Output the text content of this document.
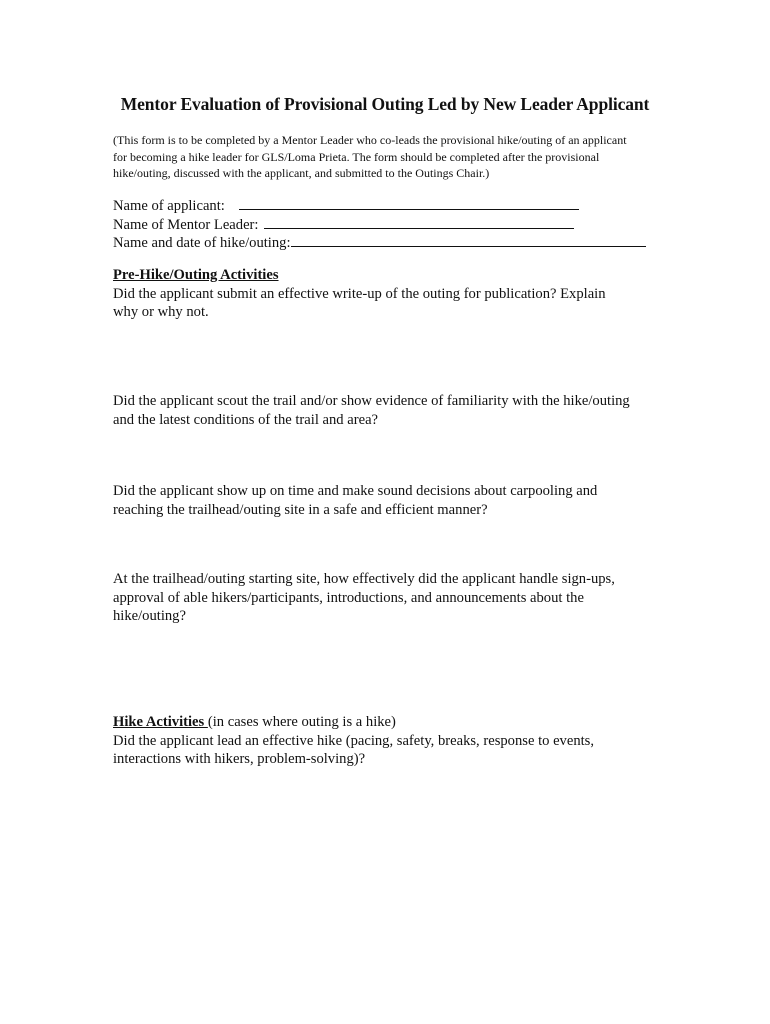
Mentor Evaluation of Provisional Outing Led by New Leader Applicant
(This form is to be completed by a Mentor Leader who co-leads the provisional hike/outing of an applicant
for becoming a hike leader for GLS/Loma Prieta. The form should be completed after the provisional
hike/outing, discussed with the applicant, and submitted to the Outings Chair.)
Name of applicant:
Name of Mentor Leader:
Name and date of hike/outing:
Pre-Hike/Outing Activities
Did the applicant submit an effective write-up of the outing for publication? Explain
why or why not.
Did the applicant scout the trail and/or show evidence of familiarity with the hike/outing
and the latest conditions of the trail and area?
Did the applicant show up on time and make sound decisions about carpooling and
reaching the trailhead/outing site in a safe and efficient manner?
At the trailhead/outing starting site, how effectively did the applicant handle sign-ups,
approval of able hikers/participants, introductions, and announcements about the
hike/outing?
Hike Activities (in cases where outing is a hike)
Did the applicant lead an effective hike (pacing, safety, breaks, response to events,
interactions with hikers, problem-solving)?
